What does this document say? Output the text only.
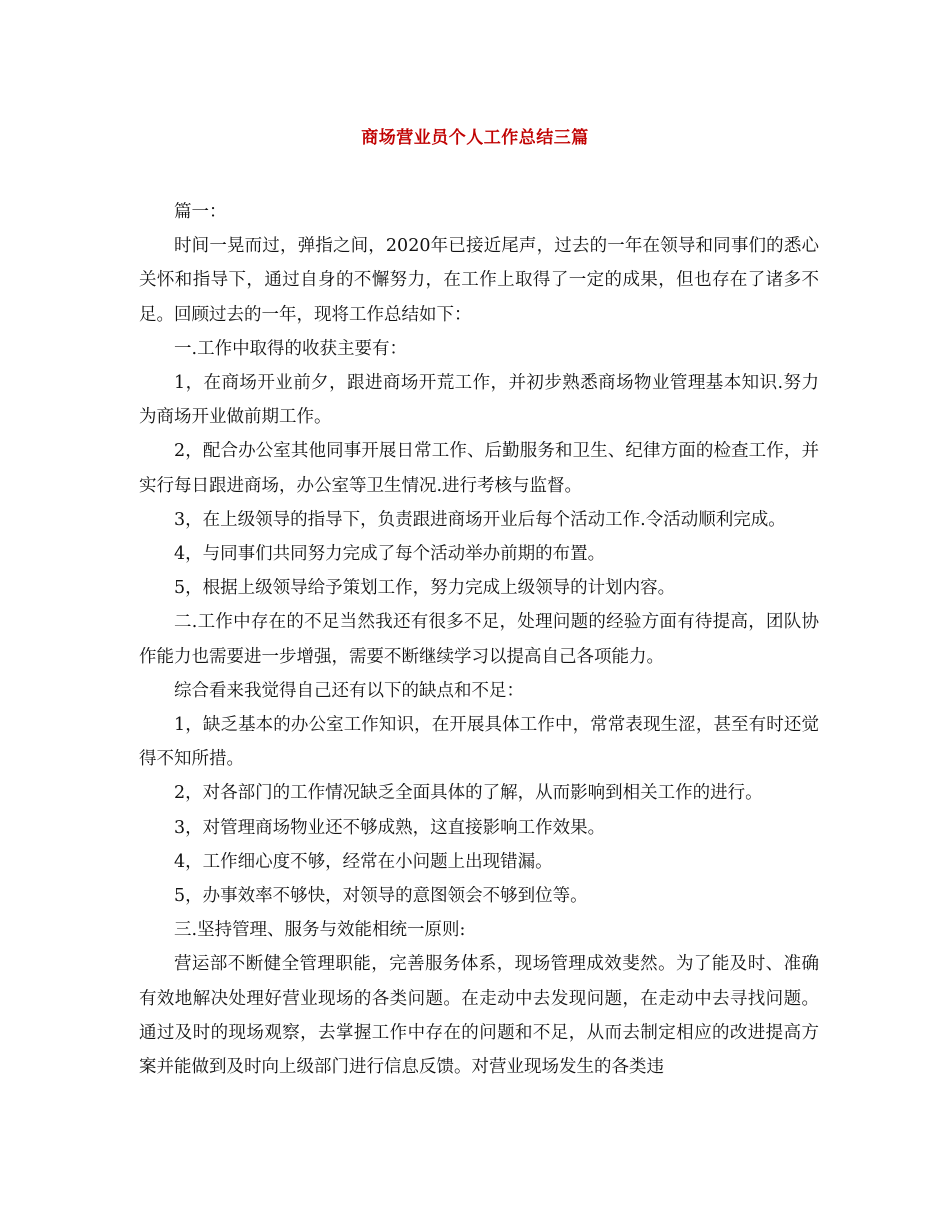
商场营业员个人工作总结三篇

篇一：

时间一晃而过，弹指之间，2020年已接近尾声，过去的一年在领导和同事们的悉心关怀和指导下，通过自身的不懈努力，在工作上取得了一定的成果，但也存在了诸多不足。回顾过去的一年，现将工作总结如下：

一.工作中取得的收获主要有：

1，在商场开业前夕，跟进商场开荒工作，并初步熟悉商场物业管理基本知识.努力为商场开业做前期工作。

2，配合办公室其他同事开展日常工作、后勤服务和卫生、纪律方面的检查工作，并实行每日跟进商场，办公室等卫生情况.进行考核与监督。

3，在上级领导的指导下，负责跟进商场开业后每个活动工作.令活动顺利完成。

4，与同事们共同努力完成了每个活动举办前期的布置。

5，根据上级领导给予策划工作，努力完成上级领导的计划内容。

二.工作中存在的不足当然我还有很多不足，处理问题的经验方面有待提高，团队协作能力也需要进一步增强，需要不断继续学习以提高自己各项能力。

综合看来我觉得自己还有以下的缺点和不足：

1，缺乏基本的办公室工作知识，在开展具体工作中，常常表现生涩，甚至有时还觉得不知所措。

2，对各部门的工作情况缺乏全面具体的了解，从而影响到相关工作的进行。

3，对管理商场物业还不够成熟，这直接影响工作效果。

4，工作细心度不够，经常在小问题上出现错漏。

5，办事效率不够快，对领导的意图领会不够到位等。

三.坚持管理、服务与效能相统一原则:

营运部不断健全管理职能，完善服务体系，现场管理成效斐然。为了能及时、准确有效地解决处理好营业现场的各类问题。在走动中去发现问题，在走动中去寻找问题。通过及时的现场观察，去掌握工作中存在的问题和不足，从而去制定相应的改进提高方案并能做到及时向上级部门进行信息反馈。对营业现场发生的各类违
